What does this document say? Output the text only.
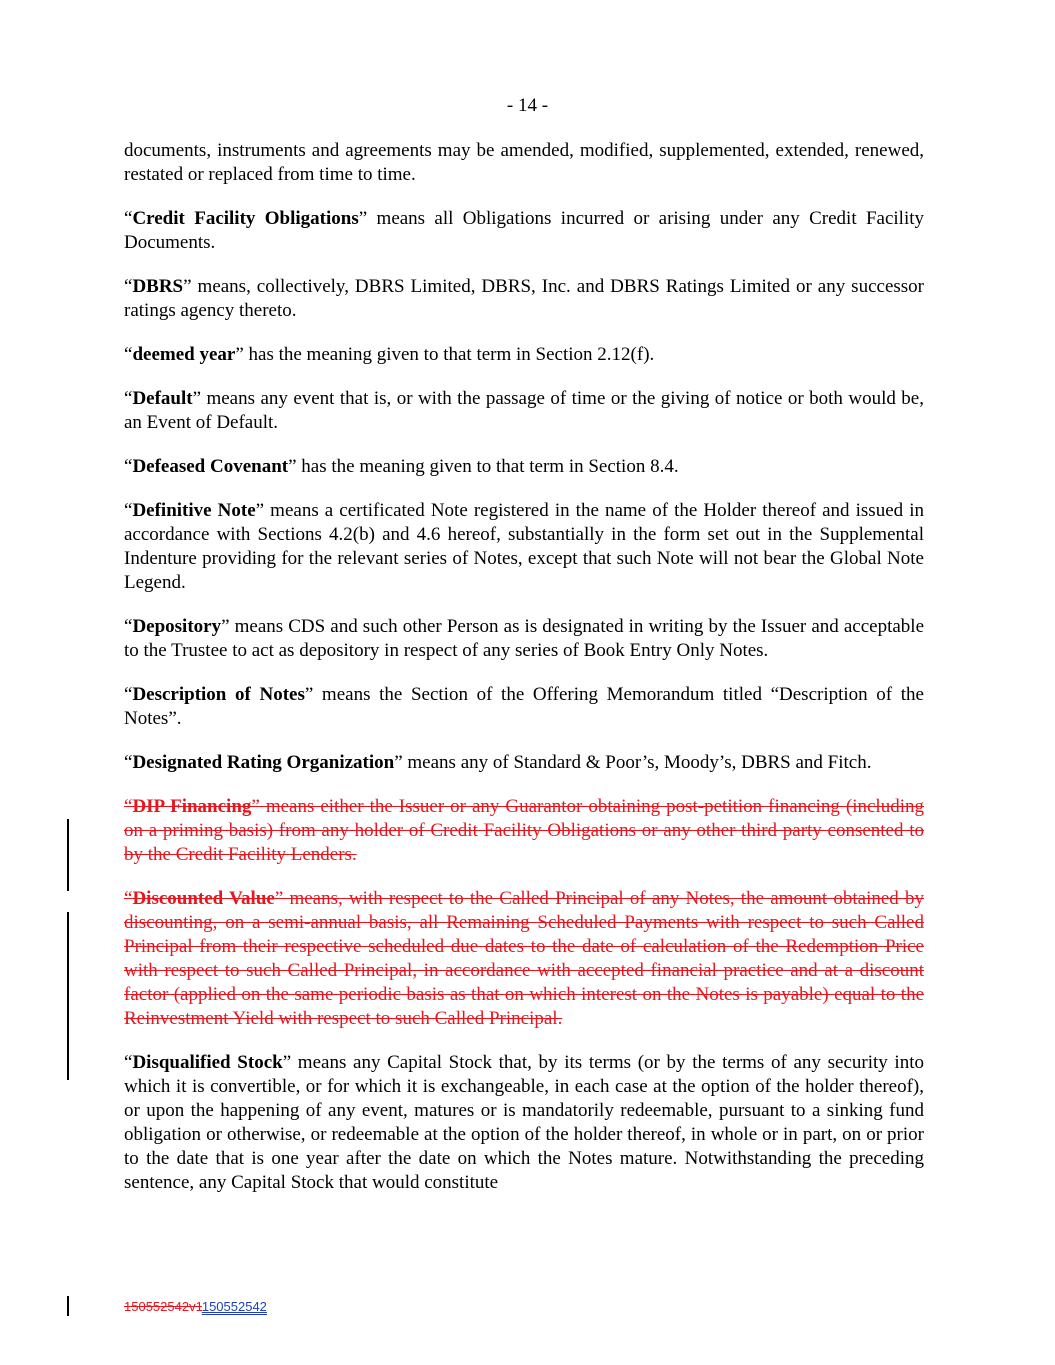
- 14 -

documents, instruments and agreements may be amended, modified, supplemented, extended, renewed, restated or replaced from time to time.

“Credit Facility Obligations” means all Obligations incurred or arising under any Credit Facility Documents.

“DBRS” means, collectively, DBRS Limited, DBRS, Inc. and DBRS Ratings Limited or any successor ratings agency thereto.

“deemed year” has the meaning given to that term in Section 2.12(f).

“Default” means any event that is, or with the passage of time or the giving of notice or both would be, an Event of Default.

“Defeased Covenant” has the meaning given to that term in Section 8.4.

“Definitive Note” means a certificated Note registered in the name of the Holder thereof and issued in accordance with Sections 4.2(b) and 4.6 hereof, substantially in the form set out in the Supplemental Indenture providing for the relevant series of Notes, except that such Note will not bear the Global Note Legend.

“Depository” means CDS and such other Person as is designated in writing by the Issuer and acceptable to the Trustee to act as depository in respect of any series of Book Entry Only Notes.

“Description of Notes” means the Section of the Offering Memorandum titled “Description of the Notes”.

“Designated Rating Organization” means any of Standard & Poor’s, Moody’s, DBRS and Fitch.

“DIP Financing” means either the Issuer or any Guarantor obtaining post-petition financing (including on a priming basis) from any holder of Credit Facility Obligations or any other third party consented to by the Credit Facility Lenders.

“Discounted Value” means, with respect to the Called Principal of any Notes, the amount obtained by discounting, on a semi-annual basis, all Remaining Scheduled Payments with respect to such Called Principal from their respective scheduled due dates to the date of calculation of the Redemption Price with respect to such Called Principal, in accordance with accepted financial practice and at a discount factor (applied on the same periodic basis as that on which interest on the Notes is payable) equal to the Reinvestment Yield with respect to such Called Principal.

“Disqualified Stock” means any Capital Stock that, by its terms (or by the terms of any security into which it is convertible, or for which it is exchangeable, in each case at the option of the holder thereof), or upon the happening of any event, matures or is mandatorily redeemable, pursuant to a sinking fund obligation or otherwise, or redeemable at the option of the holder thereof, in whole or in part, on or prior to the date that is one year after the date on which the Notes mature. Notwithstanding the preceding sentence, any Capital Stock that would constitute

150552542v1150552542
